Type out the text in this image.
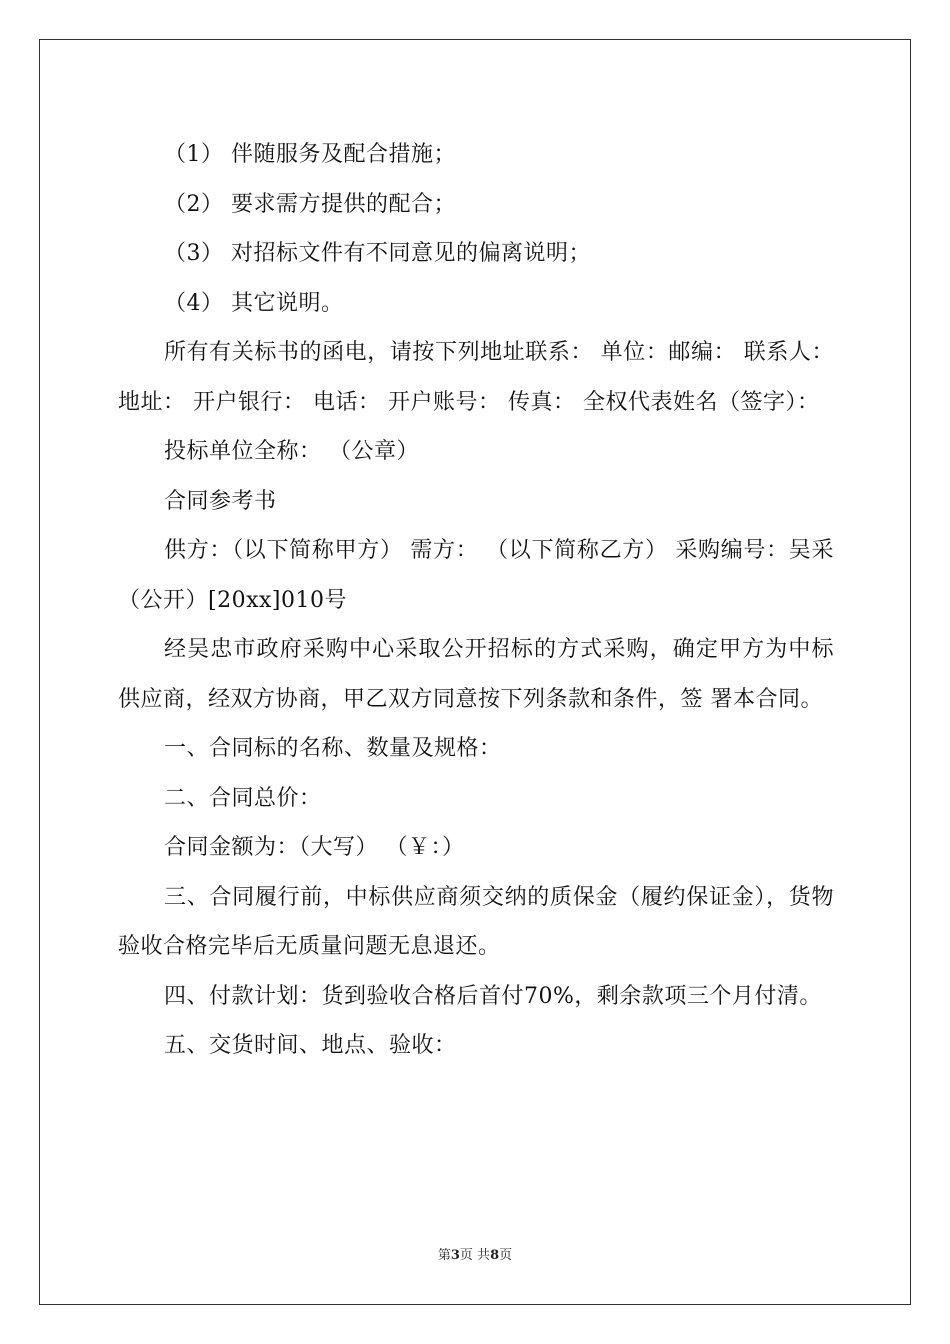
（1） 伴随服务及配合措施；

（2） 要求需方提供的配合；

（3） 对招标文件有不同意见的偏离说明；

（4） 其它说明。

所有有关标书的函电，请按下列地址联系： 单位：邮编： 联系人： 地址： 开户银行： 电话： 开户账号： 传真： 全权代表姓名（签字）：

投标单位全称： （公章）

合同参考书

供方：（以下简称甲方） 需方： （以下简称乙方） 采购编号：吴采（公开）[20xx]010号

经吴忠市政府采购中心采取公开招标的方式采购，确定甲方为中标供应商，经双方协商，甲乙双方同意按下列条款和条件，签 署本合同。

一、合同标的名称、数量及规格：

二、合同总价：

合同金额为：（大写） （￥：）

三、合同履行前，中标供应商须交纳的质保金（履约保证金），货物验收合格完毕后无质量问题无息退还。

四、付款计划：货到验收合格后首付70%，剩余款项三个月付清。

五、交货时间、地点、验收：

第3页 共8页
